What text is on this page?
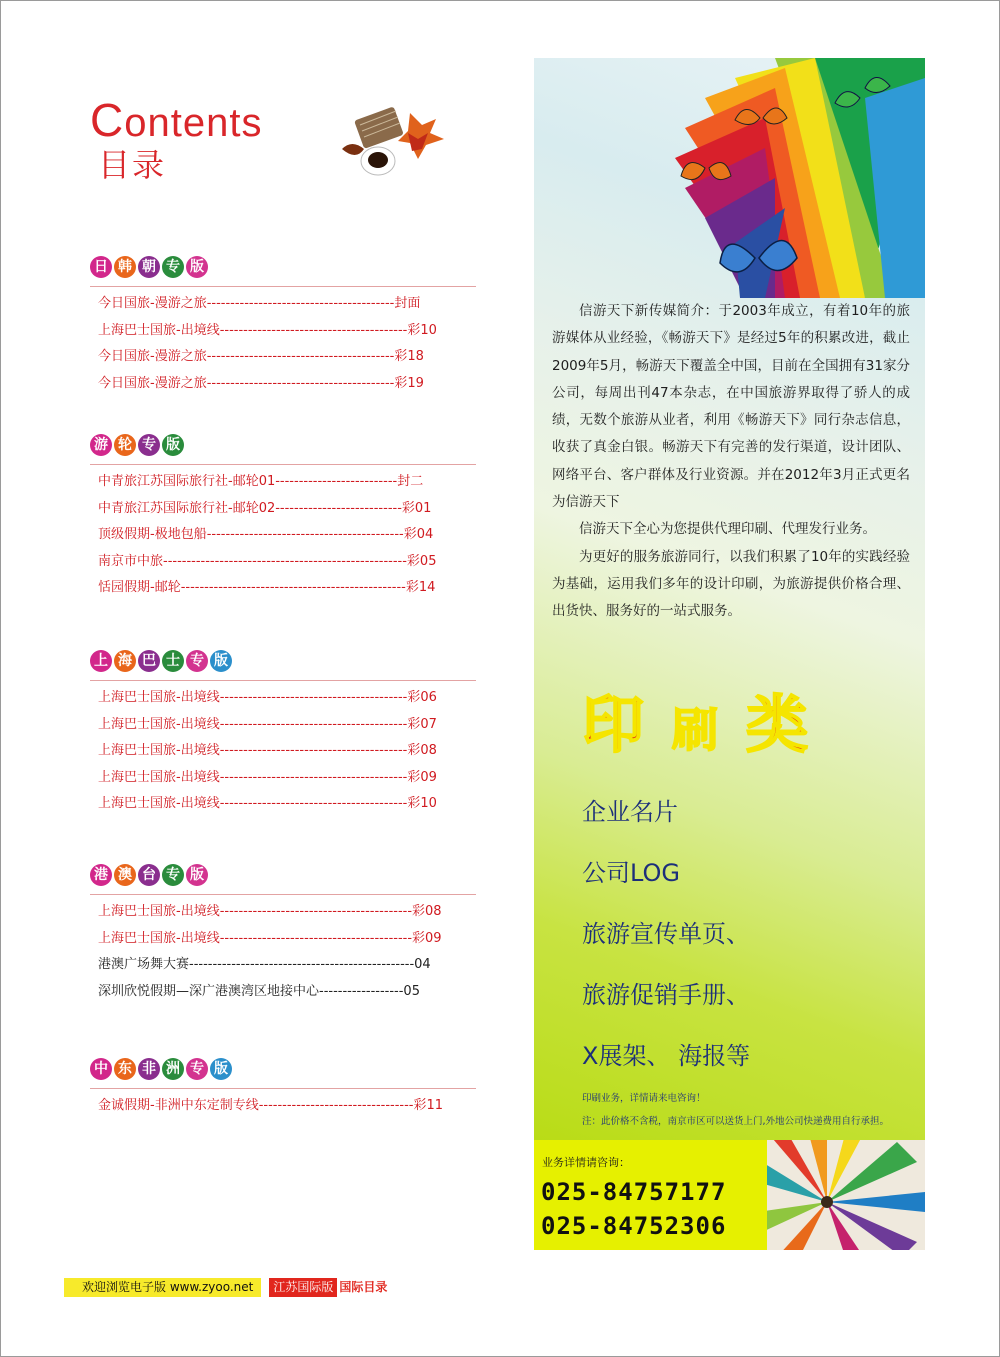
Contents
目录
日 韩 朝 专 版
今日国旅-漫游之旅----------------------------------------封面
上海巴士国旅-出境线----------------------------------------彩10
今日国旅-漫游之旅----------------------------------------彩18
今日国旅-漫游之旅----------------------------------------彩19
游 轮 专 版
中青旅江苏国际旅行社-邮轮01--------------------------封二
中青旅江苏国际旅行社-邮轮02---------------------------彩01
顶级假期-极地包船------------------------------------------彩04
南京市中旅----------------------------------------------------彩05
恬园假期-邮轮------------------------------------------------彩14
上 海 巴 士 专 版
上海巴士国旅-出境线----------------------------------------彩06
上海巴士国旅-出境线----------------------------------------彩07
上海巴士国旅-出境线----------------------------------------彩08
上海巴士国旅-出境线----------------------------------------彩09
上海巴士国旅-出境线----------------------------------------彩10
港 澳 台 专 版
上海巴士国旅-出境线-----------------------------------------彩08
上海巴士国旅-出境线-----------------------------------------彩09
港澳广场舞大赛------------------------------------------------04
深圳欣悦假期—深广港澳湾区地接中心------------------05
中 东 非 洲 专 版
金诚假期-非洲中东定制专线---------------------------------彩11

信游天下新传媒简介：于2003年成立，有着10年的旅游媒体从业经验，《畅游天下》是经过5年的积累改进，截止2009年5月，畅游天下覆盖全中国，目前在全国拥有31家分公司，每周出刊47本杂志，在中国旅游界取得了骄人的成绩，无数个旅游从业者，利用《畅游天下》同行杂志信息，收获了真金白银。畅游天下有完善的发行渠道，设计团队、网络平台、客户群体及行业资源。并在2012年3月正式更名为信游天下

信游天下全心为您提供代理印刷、代理发行业务。

为更好的服务旅游同行，以我们积累了10年的实践经验为基础，运用我们多年的设计印刷，为旅游提供价格合理、出货快、服务好的一站式服务。

印 刷 类
企业名片
公司LOG
旅游宣传单页、
旅游促销手册、
X展架、 海报等
印刷业务，详情请来电咨询！
注：此价格不含税，南京市区可以送货上门,外地公司快递费用自行承担。
业务详情请咨询：
025-84757177
025-84752306
欢迎浏览电子版 www.zyoo.net	江苏国际版 国际目录
